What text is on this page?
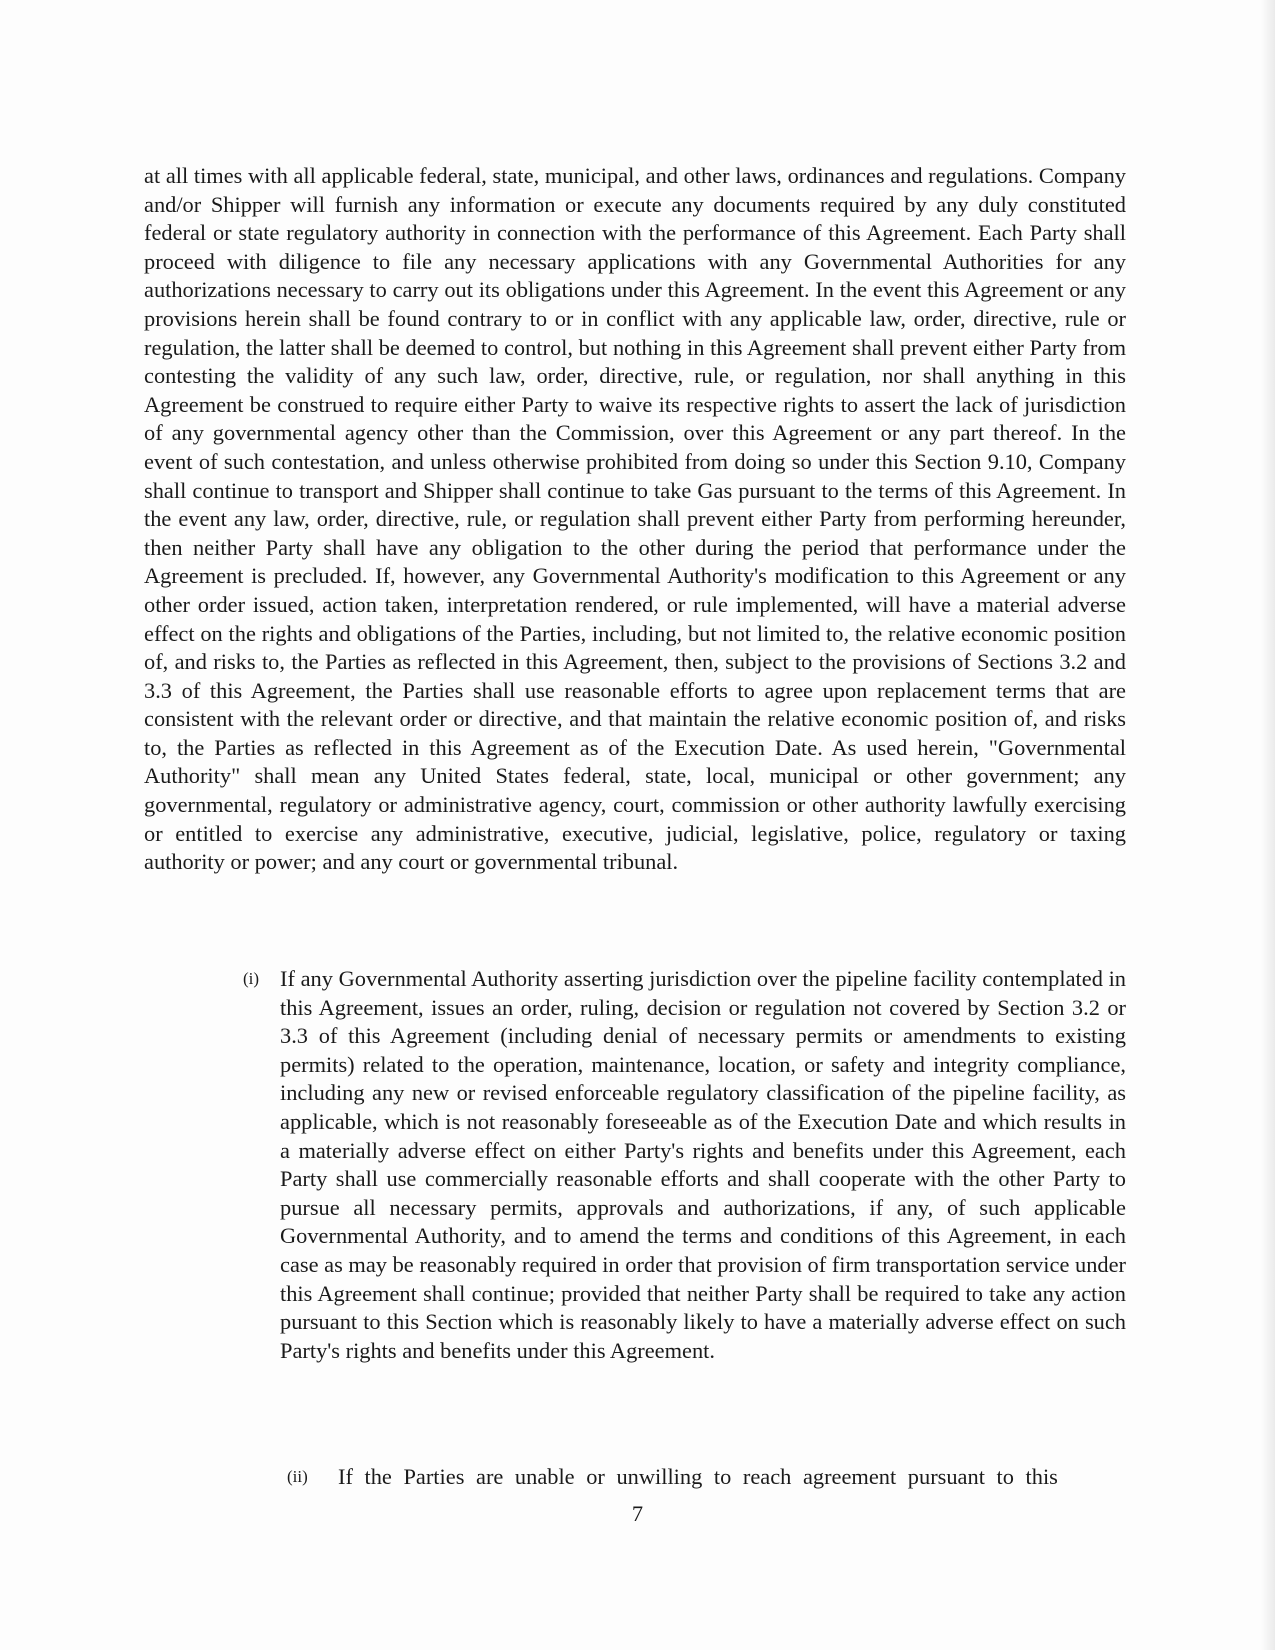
at all times with all applicable federal, state, municipal, and other laws, ordinances and regulations. Company and/or Shipper will furnish any information or execute any documents required by any duly constituted federal or state regulatory authority in connection with the performance of this Agreement. Each Party shall proceed with diligence to file any necessary applications with any Governmental Authorities for any authorizations necessary to carry out its obligations under this Agreement. In the event this Agreement or any provisions herein shall be found contrary to or in conflict with any applicable law, order, directive, rule or regulation, the latter shall be deemed to control, but nothing in this Agreement shall prevent either Party from contesting the validity of any such law, order, directive, rule, or regulation, nor shall anything in this Agreement be construed to require either Party to waive its respective rights to assert the lack of jurisdiction of any governmental agency other than the Commission, over this Agreement or any part thereof. In the event of such contestation, and unless otherwise prohibited from doing so under this Section 9.10, Company shall continue to transport and Shipper shall continue to take Gas pursuant to the terms of this Agreement. In the event any law, order, directive, rule, or regulation shall prevent either Party from performing hereunder, then neither Party shall have any obligation to the other during the period that performance under the Agreement is precluded. If, however, any Governmental Authority's modification to this Agreement or any other order issued, action taken, interpretation rendered, or rule implemented, will have a material adverse effect on the rights and obligations of the Parties, including, but not limited to, the relative economic position of, and risks to, the Parties as reflected in this Agreement, then, subject to the provisions of Sections 3.2 and 3.3 of this Agreement, the Parties shall use reasonable efforts to agree upon replacement terms that are consistent with the relevant order or directive, and that maintain the relative economic position of, and risks to, the Parties as reflected in this Agreement as of the Execution Date. As used herein, "Governmental Authority" shall mean any United States federal, state, local, municipal or other government; any governmental, regulatory or administrative agency, court, commission or other authority lawfully exercising or entitled to exercise any administrative, executive, judicial, legislative, police, regulatory or taxing authority or power; and any court or governmental tribunal.

(i) If any Governmental Authority asserting jurisdiction over the pipeline facility contemplated in this Agreement, issues an order, ruling, decision or regulation not covered by Section 3.2 or 3.3 of this Agreement (including denial of necessary permits or amendments to existing permits) related to the operation, maintenance, location, or safety and integrity compliance, including any new or revised enforceable regulatory classification of the pipeline facility, as applicable, which is not reasonably foreseeable as of the Execution Date and which results in a materially adverse effect on either Party's rights and benefits under this Agreement, each Party shall use commercially reasonable efforts and shall cooperate with the other Party to pursue all necessary permits, approvals and authorizations, if any, of such applicable Governmental Authority, and to amend the terms and conditions of this Agreement, in each case as may be reasonably required in order that provision of firm transportation service under this Agreement shall continue; provided that neither Party shall be required to take any action pursuant to this Section which is reasonably likely to have a materially adverse effect on such Party's rights and benefits under this Agreement.

(ii) If the Parties are unable or unwilling to reach agreement pursuant to this

7
